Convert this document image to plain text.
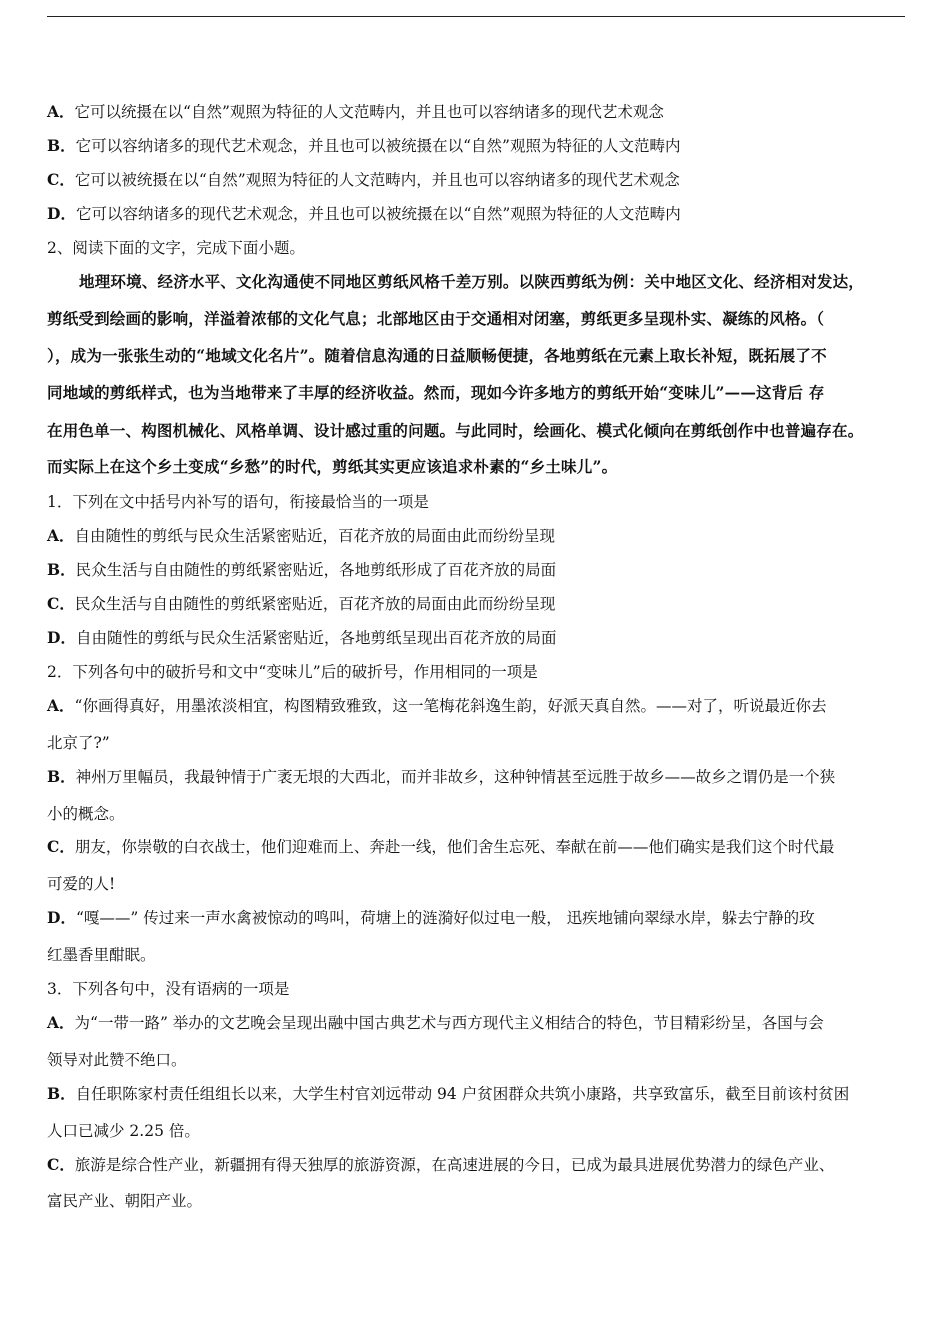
A．它可以统摄在以“自然”观照为特征的人文范畴内，并且也可以容纳诸多的现代艺术观念
B．它可以容纳诸多的现代艺术观念，并且也可以被统摄在以“自然”观照为特征的人文范畴内
C．它可以被统摄在以“自然”观照为特征的人文范畴内，并且也可以容纳诸多的现代艺术观念
D．它可以容纳诸多的现代艺术观念，并且也可以被统摄在以“自然”观照为特征的人文范畴内
2、阅读下面的文字，完成下面小题。
地理环境、经济水平、文化沟通使不同地区剪纸风格千差万别。以陕西剪纸为例：关中地区文化、经济相对发达，
剪纸受到绘画的影响，洋溢着浓郁的文化气息；北部地区由于交通相对闭塞，剪纸更多呈现朴实、凝练的风格。（
），成为一张张生动的“地域文化名片”。随着信息沟通的日益顺畅便捷，各地剪纸在元素上取长补短，既拓展了不
同地域的剪纸样式，也为当地带来了丰厚的经济收益。然而，现如今许多地方的剪纸开始“变味儿”——这背后 存
在用色单一、构图机械化、风格单调、设计感过重的问题。与此同时，绘画化、模式化倾向在剪纸创作中也普遍存在。
而实际上在这个乡土变成“乡愁”的时代，剪纸其实更应该追求朴素的“乡土味儿”。
1．下列在文中括号内补写的语句，衔接最恰当的一项是
A．自由随性的剪纸与民众生活紧密贴近，百花齐放的局面由此而纷纷呈现
B．民众生活与自由随性的剪纸紧密贴近，各地剪纸形成了百花齐放的局面
C．民众生活与自由随性的剪纸紧密贴近，百花齐放的局面由此而纷纷呈现
D．自由随性的剪纸与民众生活紧密贴近，各地剪纸呈现出百花齐放的局面
2．下列各句中的破折号和文中“变味儿”后的破折号，作用相同的一项是
A．“你画得真好，用墨浓淡相宜，构图精致雅致，这一笔梅花斜逸生韵，好派天真自然。——对了，听说最近你去
北京了?”
B．神州万里幅员，我最钟情于广袤无垠的大西北，而并非故乡，这种钟情甚至远胜于故乡——故乡之谓仍是一个狭
小的概念。
C．朋友，你崇敬的白衣战士，他们迎难而上、奔赴一线，他们舍生忘死、奉献在前——他们确实是我们这个时代最
可爱的人!
D．“嘎——” 传过来一声水禽被惊动的鸣叫，荷塘上的涟漪好似过电一般， 迅疾地铺向翠绿水岸，躲去宁静的玫
红墨香里酣眠。
3．下列各句中，没有语病的一项是
A．为“一带一路” 举办的文艺晚会呈现出融中国古典艺术与西方现代主义相结合的特色，节目精彩纷呈，各国与会
领导对此赞不绝口。
B．自任职陈家村责任组组长以来，大学生村官刘远带动 94 户贫困群众共筑小康路，共享致富乐，截至目前该村贫困
人口已减少 2.25 倍。
C．旅游是综合性产业，新疆拥有得天独厚的旅游资源，在高速进展的今日，已成为最具进展优势潜力的绿色产业、
富民产业、朝阳产业。
